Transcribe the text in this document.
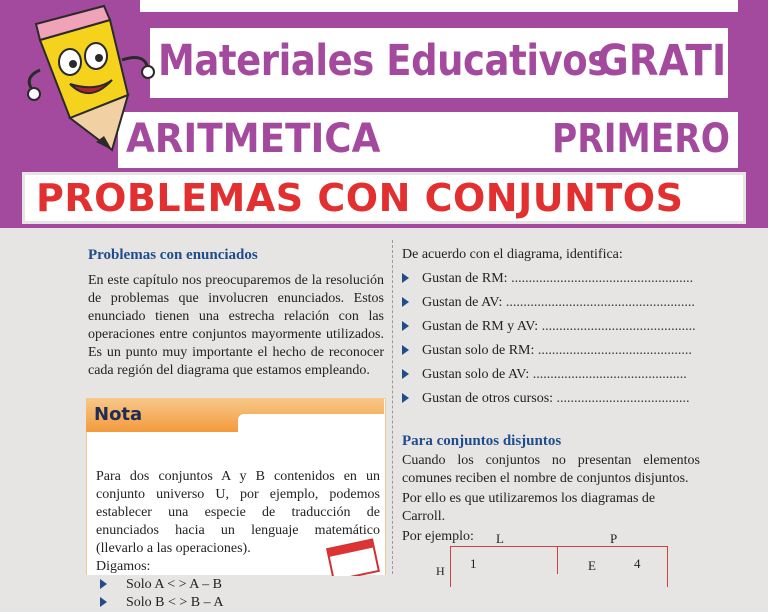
Materiales Educativos
GRATIS
ARITMETICA	PRIMERO
PROBLEMAS CON CONJUNTOS
Problemas con enunciados
En este capítulo nos preocuparemos de la resolución de problemas que involucren enunciados. Estos enunciado tienen una estrecha relación con las operaciones entre conjuntos mayormente utilizados. Es un punto muy importante el hecho de reconocer cada región del diagrama que estamos empleando.
Nota
Para dos conjuntos A y B contenidos en un conjunto universo U, por ejemplo, podemos establecer una especie de traducción de enunciados hacia un lenguaje matemático (llevarlo a las operaciones).
Digamos:
Solo A < > A – B
Solo B < > B – A
De acuerdo con el diagrama, identifica:
Gustan de RM: ....................................................
Gustan de AV: ......................................................
Gustan de RM y AV: ............................................
Gustan solo de RM: ............................................
Gustan solo de AV: ............................................
Gustan de otros cursos: ......................................
Para conjuntos disjuntos
Cuando los conjuntos no presentan elementos comunes reciben el nombre de conjuntos disjuntos.
Por ello es que utilizaremos los diagramas de Carroll.
Por ejemplo:	L	P
H 1	E	4
